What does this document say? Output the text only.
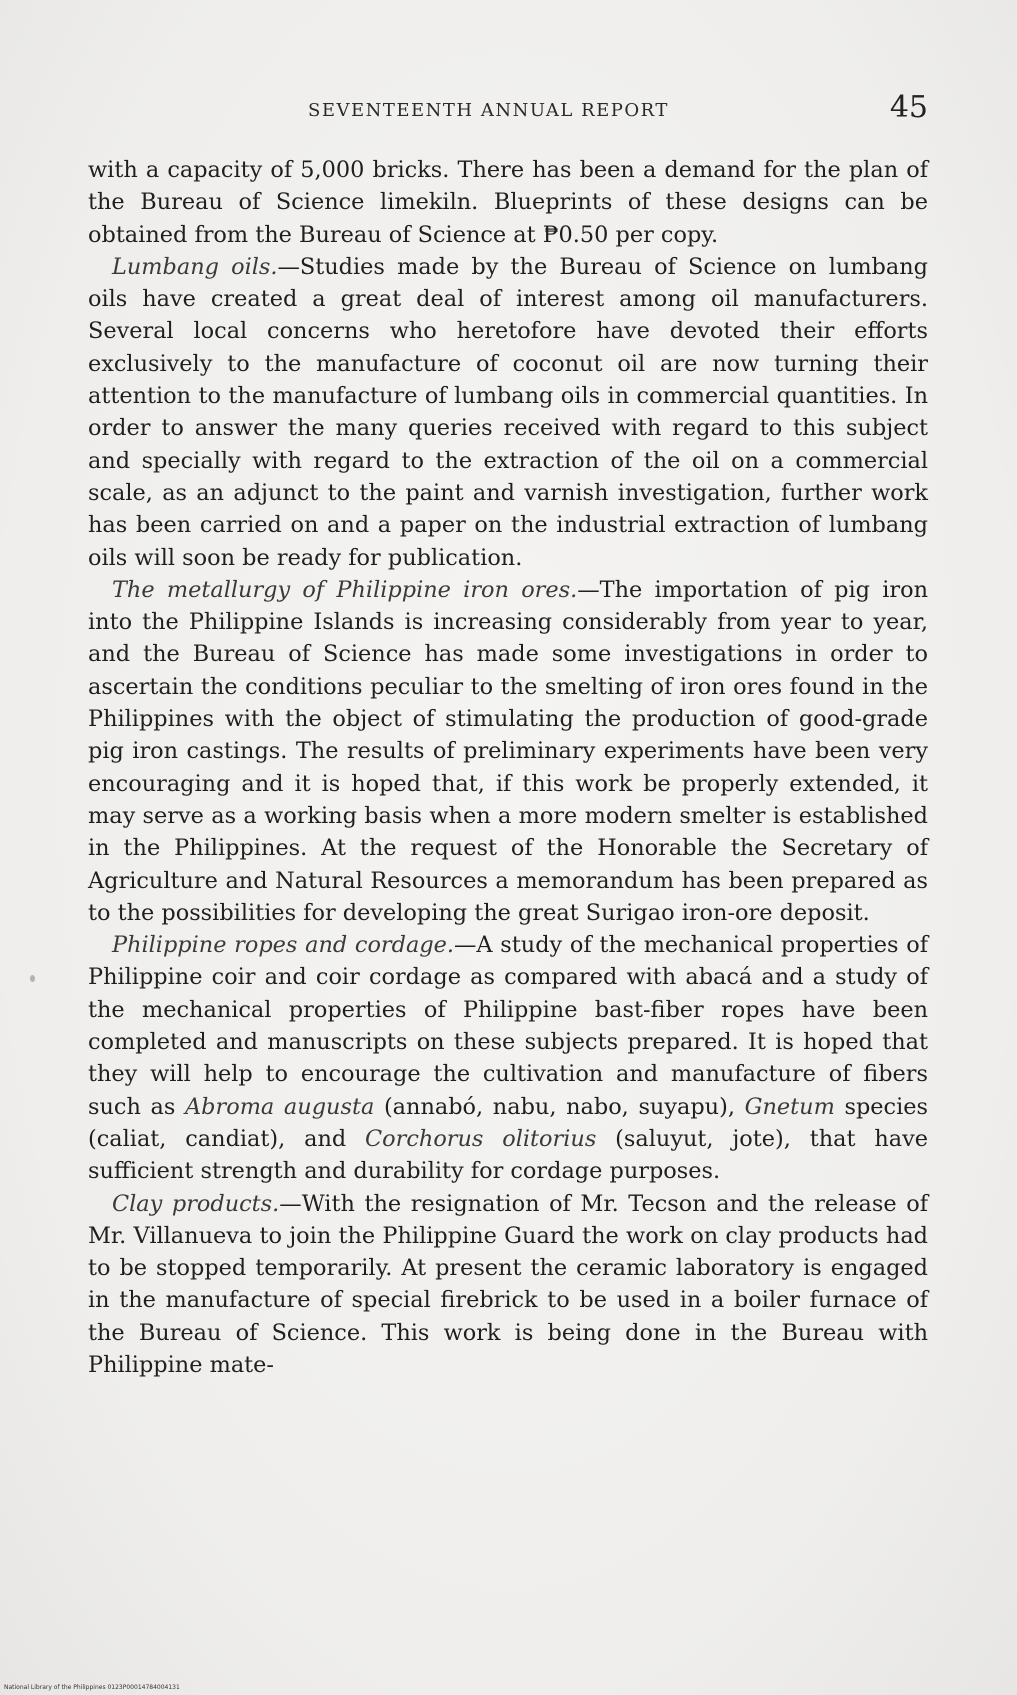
SEVENTEENTH ANNUAL REPORT	45

with a capacity of 5,000 bricks. There has been a demand for the plan of the Bureau of Science limekiln. Blueprints of these designs can be obtained from the Bureau of Science at ₱0.50 per copy.

Lumbang oils.—Studies made by the Bureau of Science on lumbang oils have created a great deal of interest among oil manufacturers. Several local concerns who heretofore have devoted their efforts exclusively to the manufacture of coconut oil are now turning their attention to the manufacture of lumbang oils in commercial quantities. In order to answer the many queries received with regard to this subject and specially with regard to the extraction of the oil on a commercial scale, as an adjunct to the paint and varnish investigation, further work has been carried on and a paper on the industrial extraction of lumbang oils will soon be ready for publication.

The metallurgy of Philippine iron ores.—The importation of pig iron into the Philippine Islands is increasing considerably from year to year, and the Bureau of Science has made some investigations in order to ascertain the conditions peculiar to the smelting of iron ores found in the Philippines with the object of stimulating the production of good-grade pig iron castings. The results of preliminary experiments have been very encouraging and it is hoped that, if this work be properly extended, it may serve as a working basis when a more modern smelter is established in the Philippines. At the request of the Honorable the Secretary of Agriculture and Natural Resources a memorandum has been prepared as to the possibilities for developing the great Surigao iron-ore deposit.

Philippine ropes and cordage.—A study of the mechanical properties of Philippine coir and coir cordage as compared with abacá and a study of the mechanical properties of Philippine bast-fiber ropes have been completed and manuscripts on these subjects prepared. It is hoped that they will help to encourage the cultivation and manufacture of fibers such as Abroma augusta (annabó, nabu, nabo, suyapu), Gnetum species (caliat, candiat), and Corchorus olitorius (saluyut, jote), that have sufficient strength and durability for cordage purposes.

Clay products.—With the resignation of Mr. Tecson and the release of Mr. Villanueva to join the Philippine Guard the work on clay products had to be stopped temporarily. At present the ceramic laboratory is engaged in the manufacture of special firebrick to be used in a boiler furnace of the Bureau of Science. This work is being done in the Bureau with Philippine mate-

National Library of the Philippines 0123P00014784004131
